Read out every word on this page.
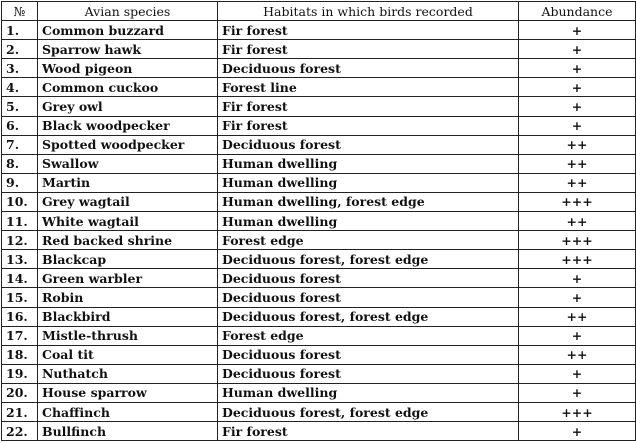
№	Avian species	Habitats in which birds recorded	Abundance
1.	Common buzzard	Fir forest	+
2.	Sparrow hawk	Fir forest	+
3.	Wood pigeon	Deciduous forest	+
4.	Common cuckoo	Forest line	+
5.	Grey owl	Fir forest	+
6.	Black woodpecker	Fir forest	+
7.	Spotted woodpecker	Deciduous forest	++
8.	Swallow	Human dwelling	++
9.	Martin	Human dwelling	++
10.	Grey wagtail	Human dwelling, forest edge	+++
11.	White wagtail	Human dwelling	++
12.	Red backed shrine	Forest edge	+++
13.	Blackcap	Deciduous forest, forest edge	+++
14.	Green warbler	Deciduous forest	+
15.	Robin	Deciduous forest	+
16.	Blackbird	Deciduous forest, forest edge	++
17.	Mistle-thrush	Forest edge	+
18.	Coal tit	Deciduous forest	++
19.	Nuthatch	Deciduous forest	+
20.	House sparrow	Human dwelling	+
21.	Chaffinch	Deciduous forest, forest edge	+++
22.	Bullfinch	Fir forest	+
